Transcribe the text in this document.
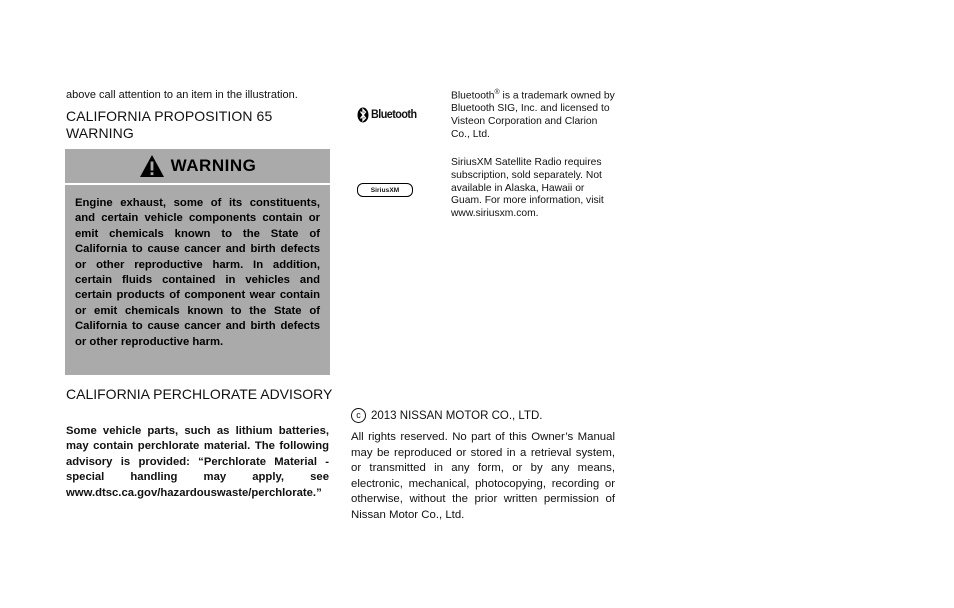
above call attention to an item in the illustration.
CALIFORNIA PROPOSITION 65 WARNING
WARNING
Engine exhaust, some of its constituents, and certain vehicle components contain or emit chemicals known to the State of California to cause cancer and birth defects or other reproductive harm. In addition, certain fluids contained in vehicles and certain products of component wear contain or emit chemicals known to the State of California to cause cancer and birth defects or other reproductive harm.
CALIFORNIA PERCHLORATE ADVISORY
Some vehicle parts, such as lithium batteries, may contain perchlorate material. The following advisory is provided: “Perchlorate Material - special handling may apply, see www.dtsc.ca.gov/hazardouswaste/perchlorate.”
Bluetooth
Bluetooth® is a trademark owned by Bluetooth SIG, Inc. and licensed to Visteon Corporation and Clarion Co., Ltd.
SiriusXM
SiriusXM Satellite Radio requires subscription, sold separately. Not available in Alaska, Hawaii or Guam. For more information, visit www.siriusxm.com.
c 2013 NISSAN MOTOR CO., LTD.
All rights reserved. No part of this Owner’s Manual may be reproduced or stored in a retrieval system, or transmitted in any form, or by any means, electronic, mechanical, photocopying, recording or otherwise, without the prior written permission of Nissan Motor Co., Ltd.
